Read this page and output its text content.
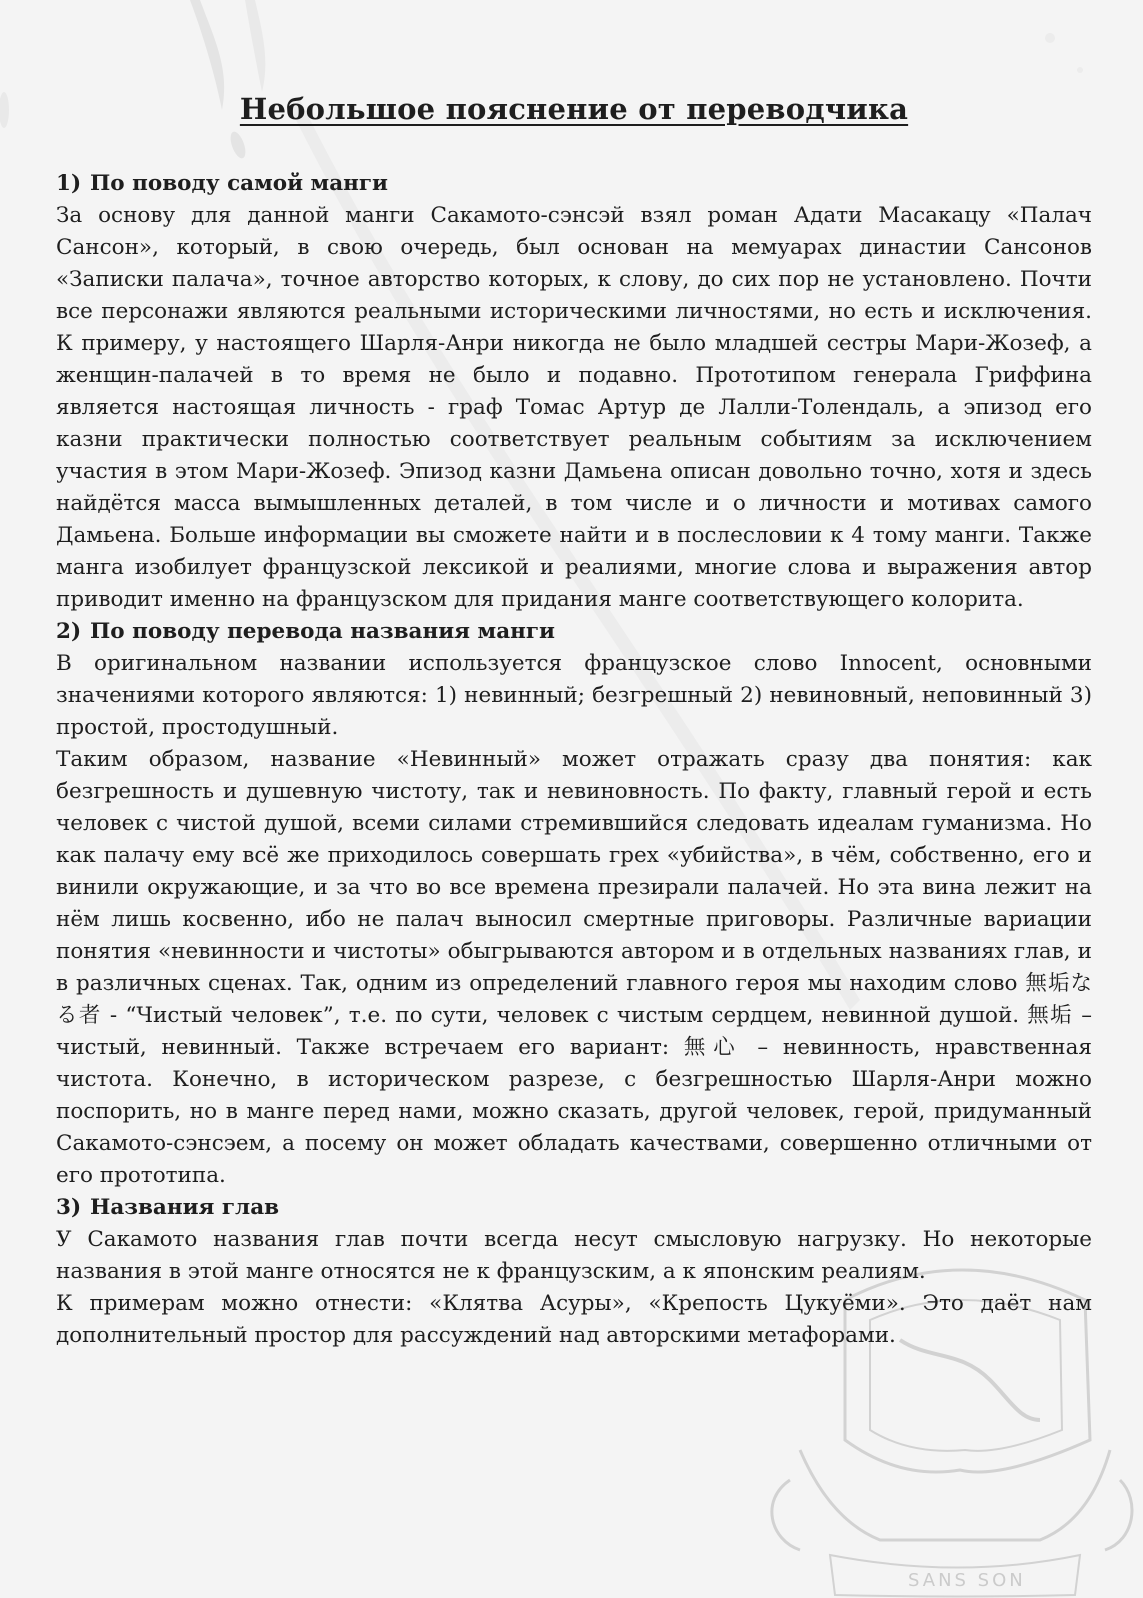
SANS SON
Небольшое пояснение от переводчика

1) По поводу самой манги

За основу для данной манги Сакамото-сэнсэй взял роман Адати Масакацу «Палач Сансон», который, в свою очередь, был основан на мемуарах династии Сансонов «Записки палача», точное авторство которых, к слову, до сих пор не установлено. Почти все персонажи являются реальными историческими личностями, но есть и исключения. К примеру, у настоящего Шарля-Анри никогда не было младшей сестры Мари-Жозеф, а женщин-палачей в то время не было и подавно. Прототипом генерала Гриффина является настоящая личность - граф Томас Артур де Лалли-Толендаль, а эпизод его казни практически полностью соответствует реальным событиям за исключением участия в этом Мари-Жозеф. Эпизод казни Дамьена описан довольно точно, хотя и здесь найдётся масса вымышленных деталей, в том числе и о личности и мотивах самого Дамьена. Больше информации вы сможете найти и в послесловии к 4 тому манги. Также манга изобилует французской лексикой и реалиями, многие слова и выражения автор приводит именно на французском для придания манге соответствующего колорита.

2) По поводу перевода названия манги

В оригинальном названии используется французское слово Innocent, основными значениями которого являются: 1) невинный; безгрешный 2) невиновный, неповинный 3) простой, простодушный.

Таким образом, название «Невинный» может отражать сразу два понятия: как безгрешность и душевную чистоту, так и невиновность. По факту, главный герой и есть человек с чистой душой, всеми силами стремившийся следовать идеалам гуманизма. Но как палачу ему всё же приходилось совершать грех «убийства», в чём, собственно, его и винили окружающие, и за что во все времена презирали палачей. Но эта вина лежит на нём лишь косвенно, ибо не палач выносил смертные приговоры. Различные вариации понятия «невинности и чистоты» обыгрываются автором и в отдельных названиях глав, и в различных сценах. Так, одним из определений главного героя мы находим слово 無垢なる者 - “Чистый человек”, т.е. по сути, человек с чистым сердцем, невинной душой. 無垢 – чистый, невинный. Также встречаем его вариант: 無心 – невинность, нравственная чистота. Конечно, в историческом разрезе, с безгрешностью Шарля-Анри можно поспорить, но в манге перед нами, можно сказать, другой человек, герой, придуманный Сакамото-сэнсэем, а посему он может обладать качествами, совершенно отличными от его прототипа.

3) Названия глав

У Сакамото названия глав почти всегда несут смысловую нагрузку. Но некоторые названия в этой манге относятся не к французским, а к японским реалиям.

К примерам можно отнести: «Клятва Асуры», «Крепость Цукуёми». Это даёт нам дополнительный простор для рассуждений над авторскими метафорами.
